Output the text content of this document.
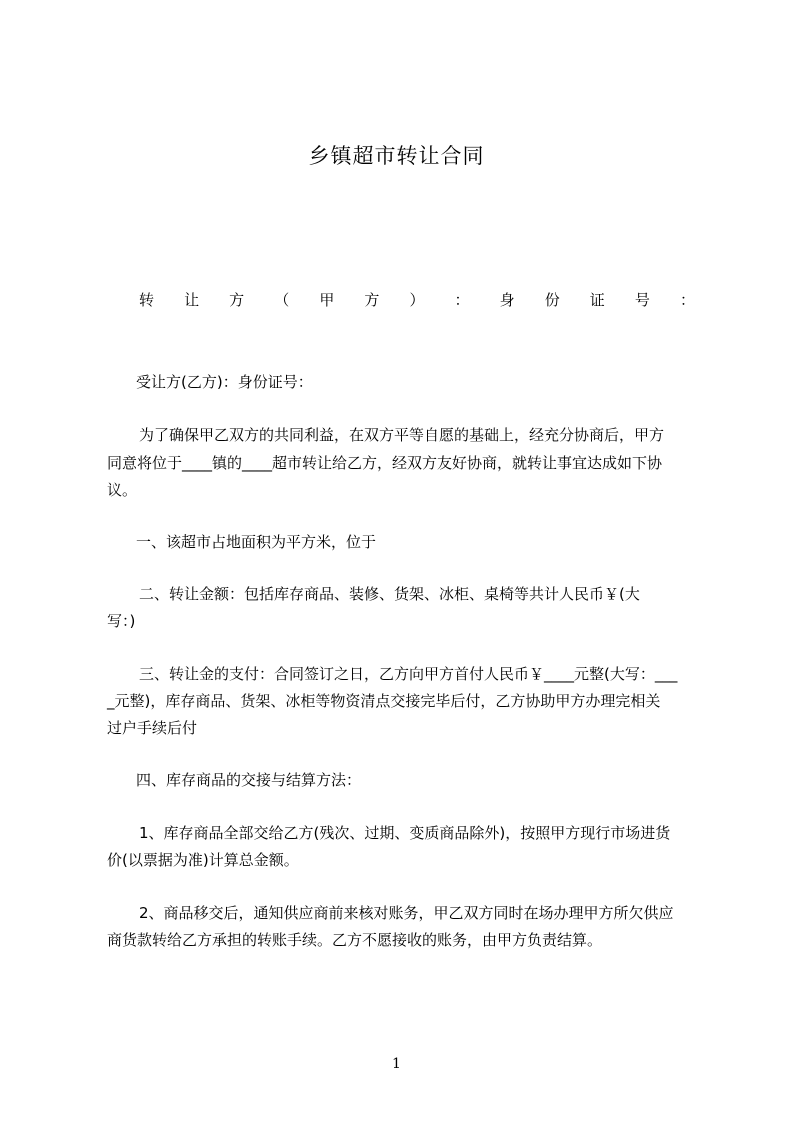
乡镇超市转让合同
转 让 方 （ 甲 方 ） ： 身 份 证 号 ：
受让方(乙方)：身份证号：
为了确保甲乙双方的共同利益，在双方平等自愿的基础上，经充分协商后，甲方
同意将位于____镇的____超市转让给乙方，经双方友好协商，就转让事宜达成如下协
议。
一、该超市占地面积为平方米，位于
二、转让金额：包括库存商品、装修、货架、冰柜、桌椅等共计人民币￥(大
写：)
三、转让金的支付：合同签订之日，乙方向甲方首付人民币￥____元整(大写：___
_元整)，库存商品、货架、冰柜等物资清点交接完毕后付，乙方协助甲方办理完相关
过户手续后付
四、库存商品的交接与结算方法：
1、库存商品全部交给乙方(残次、过期、变质商品除外)，按照甲方现行市场进货
价(以票据为准)计算总金额。
2、商品移交后，通知供应商前来核对账务，甲乙双方同时在场办理甲方所欠供应
商货款转给乙方承担的转账手续。乙方不愿接收的账务，由甲方负责结算。
1
